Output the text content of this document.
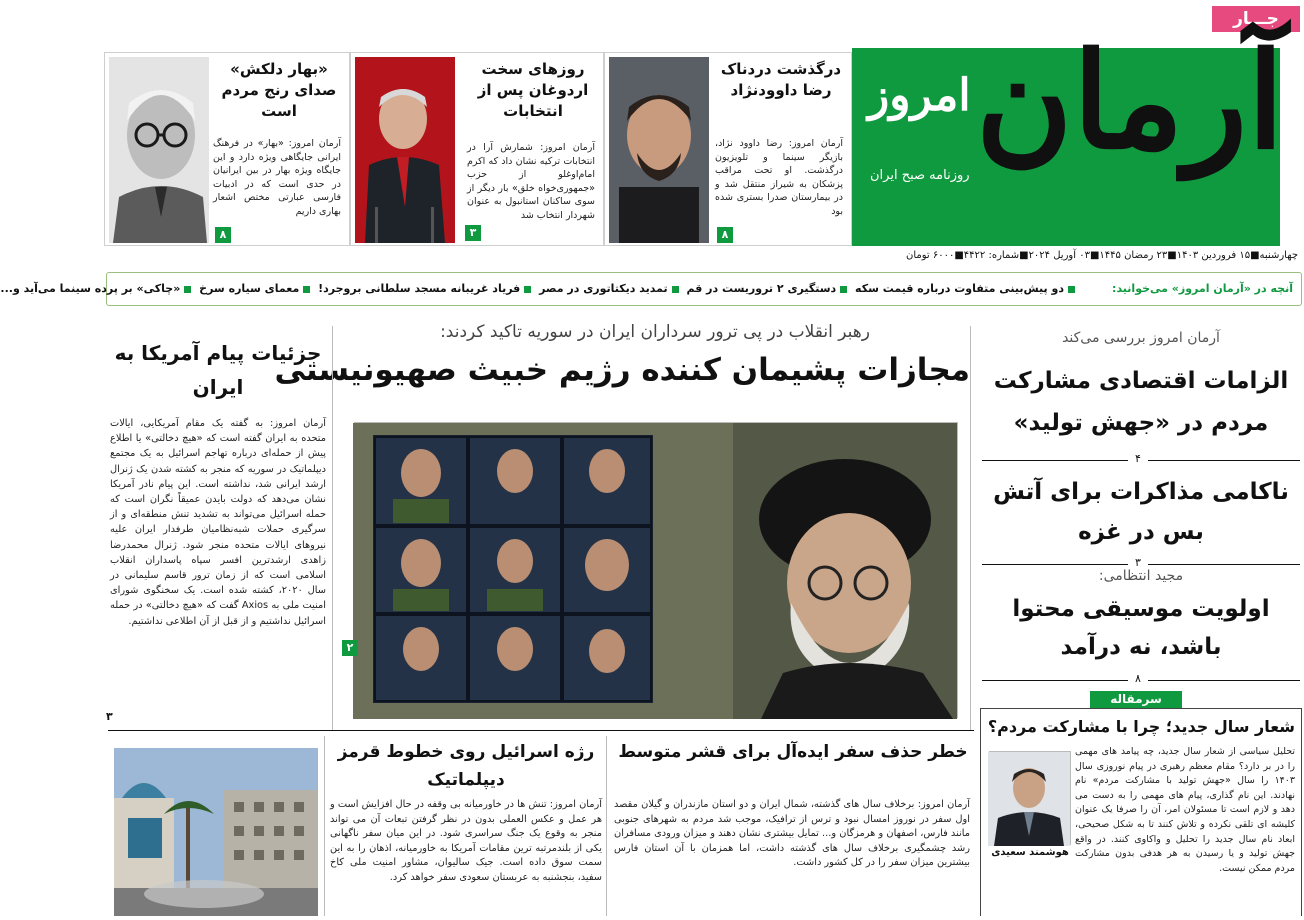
جـــار
آرمان
امروز
روزنامه صبح ایران
چهارشنبه■۱۵ فروردین ۱۴۰۳■۲۳ رمضان ۱۴۴۵■۰۳ آوریل ۲۰۲۴■شماره: ۴۴۲۲■۶۰۰۰ تومان
درگذشت دردناک رضا داوودنژاد
آرمان امروز: رضا داوود نژاد، بازیگر سینما و تلویزیون درگذشت. او تحت مراقب پزشکان به شیراز منتقل شد و در بیمارستان صدرا بستری شده بود
۸
روزهای سخت اردوغان پس از انتخابات
آرمان امروز: شمارش آرا در انتخابات ترکیه نشان داد که اکرم امام‌اوغلو از حزب «جمهوری‌خواه خلق» بار دیگر از سوی ساکنان استانبول به عنوان شهردار انتخاب شد
۳
«بهار دلکش» صدای رنج مردم است
آرمان امروز: «بهار» در فرهنگ ایرانی جایگاهی ویژه دارد و این جایگاه ویژه بهار در بین ایرانیان در حدی است که در ادبیات فارسی عبارتی مختص اشعار بهاری داریم
۸
آنچه در «آرمان امروز» می‌خوانید:
دو پیش‌بینی متفاوت درباره قیمت سکه دستگیری ۲ تروریست در قم تمدید دیکتاتوری در مصر فریاد غریبانه مسجد سلطانی بروجرد! معمای سیاره سرخ «چاکی» بر پرده سینما می‌آید و...
آرمان امروز بررسی می‌کند
الزامات اقتصادی مشارکت مردم در «جهش تولید»
۴
ناکامی مذاکرات برای آتش بس در غزه
۳
مجید انتظامی:
اولویت موسیقی محتوا باشد، نه درآمد
۸
سرمقاله
شعار سال جدید؛ چرا با مشارکت مردم؟
تحلیل سیاسی از شعار سال جدید، چه پیامد های مهمی را در بر دارد؟ مقام معظم رهبری در پیام نوروزی سال ۱۴۰۳ را سال «جهش تولید با مشارکت مردم» نام نهادند. این نام گذاری، پیام های مهمی را به دست می دهد و لازم است تا مسئولان امر، آن را صرفا یک عنوان کلیشه ای تلقی نکرده و تلاش کنند تا به شکل صحیحی، ابعاد نام سال جدید را تحلیل و واکاوی کنند. در واقع جهش تولید و یا رسیدن به هر هدفی بدون مشارکت مردم ممکن نیست.
هوشمند سعیدی
رهبر انقلاب در پی ترور سرداران ایران در سوریه تاکید کردند:
مجازات پشیمان کننده رژیم خبیث صهیونیستی
۲
جزئیات پیام آمریکا به ایران
آرمان امروز: به گفته یک مقام آمریکایی، ایالات متحده به ایران گفته است که «هیچ دخالتی» یا اطلاع پیش از حمله‌ای درباره تهاجم اسرائیل به یک مجتمع دیپلماتیک در سوریه که منجر به کشته شدن یک ژنرال ارشد ایرانی شد، نداشته است. این پیام نادر آمریکا نشان می‌دهد که دولت بایدن عمیقاً نگران است که حمله اسرائیل می‌تواند به تشدید تنش منطقه‌ای و از سرگیری حملات شبه‌نظامیان طرفدار ایران علیه نیروهای ایالات متحده منجر شود. ژنرال محمدرضا زاهدی ارشدترین افسر سپاه پاسداران انقلاب اسلامی است که از زمان ترور قاسم سلیمانی در سال ۲۰۲۰، کشته شده است. یک سخنگوی شورای امنیت ملی به Axios گفت که «هیچ دخالتی» در حمله اسرائیل نداشتیم و از قبل از آن اطلاعی نداشتیم.
۳
خطر حذف سفر ایده‌آل برای قشر متوسط
آرمان امروز: برخلاف سال های گذشته، شمال ایران و دو استان مازندران و گیلان مقصد اول سفر در نوروز امسال نبود و ترس از ترافیک، موجب شد مردم به شهرهای جنوبی مانند فارس، اصفهان و هرمزگان و... تمایل بیشتری نشان دهند و میزان ورودی مسافران رشد چشمگیری برخلاف سال های گذشته داشت، اما همزمان با آن استان فارس بیشترین میزان سفر را در کل کشور داشت.
رژه اسرائیل روی خطوط قرمز دیپلماتیک
آرمان امروز: تنش ها در خاورمیانه بی وقفه در حال افزایش است و هر عمل و عکس العملی بدون در نظر گرفتن تبعات آن می تواند منجر به وقوع یک جنگ سراسری شود. در این میان سفر ناگهانی یکی از بلندمرتبه ترین مقامات آمریکا به خاورمیانه، اذهان را به این سمت سوق داده است. جیک سالیوان، مشاور امنیت ملی کاخ سفید، بنجشنبه به عربستان سعودی سفر خواهد کرد.
